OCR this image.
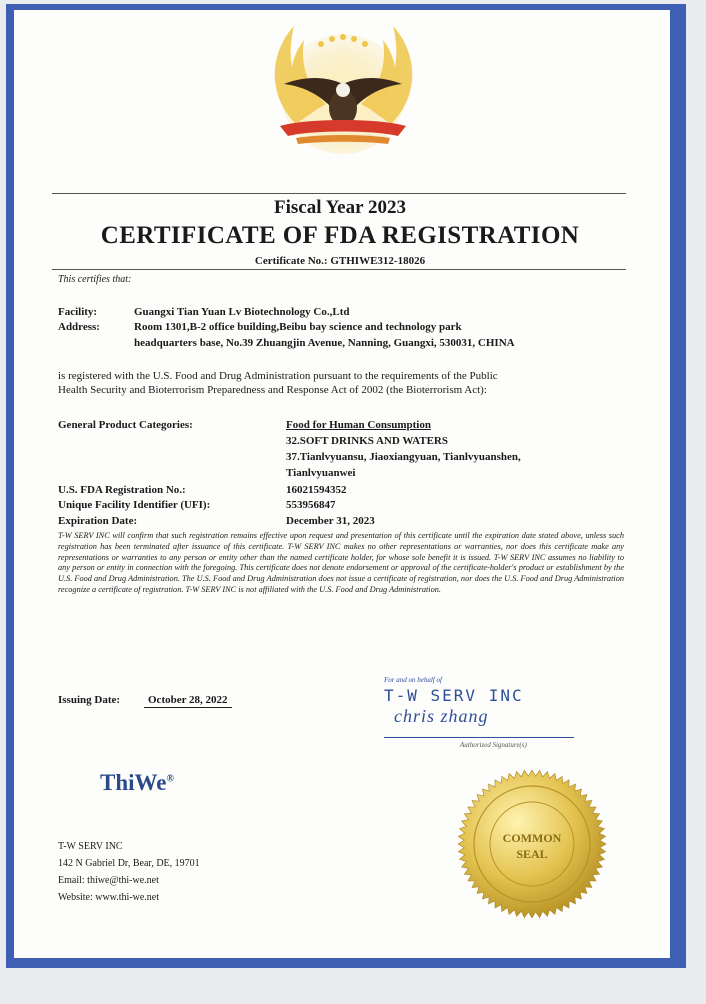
Fiscal Year 2023
CERTIFICATE OF FDA REGISTRATION
Certificate No.: GTHIWE312-18026
This certifies that:
Facility:	Guangxi Tian Yuan Lv Biotechnology Co.,Ltd
Address:	Room 1301,B-2 office building,Beibu bay science and technology park
headquarters base, No.39 Zhuangjin Avenue, Nanning, Guangxi, 530031, CHINA
is registered with the U.S. Food and Drug Administration pursuant to the requirements of the Public
Health Security and Bioterrorism Preparedness and Response Act of 2002 (the Bioterrorism Act):
General Product Categories:	Food for Human Consumption
32.SOFT DRINKS AND WATERS
37.Tianlvyuansu, Jiaoxiangyuan, Tianlvyuanshen,
Tianlvyuanwei
U.S. FDA Registration No.:	16021594352
Unique Facility Identifier (UFI):	553956847
Expiration Date:	December 31, 2023
T-W SERV INC will confirm that such registration remains effective upon request and presentation of this certificate until the expiration date stated above, unless such registration has been terminated after issuance of this certificate. T-W SERV INC makes no other representations or warranties, nor does this certificate make any representations or warranties to any person or entity other than the named certificate holder, for whose sole benefit it is issued. T-W SERV INC assumes no liability to any person or entity in connection with the foregoing. This certificate does not denote endorsement or approval of the certificate-holder's product or establishment by the U.S. Food and Drug Administration. The U.S. Food and Drug Administration does not issue a certificate of registration, nor does the U.S. Food and Drug Administration recognize a certificate of registration. T-W SERV INC is not affiliated with the U.S. Food and Drug Administration.
Issuing Date:	October 28, 2022
For and on behalf of
T-W SERV INC
chris zhang
Authorized Signature(s)
ThiWe®
T-W SERV INC
142 N Gabriel Dr, Bear, DE, 19701
Email: thiwe@thi-we.net
Website: www.thi-we.net
COMMON
SEAL
